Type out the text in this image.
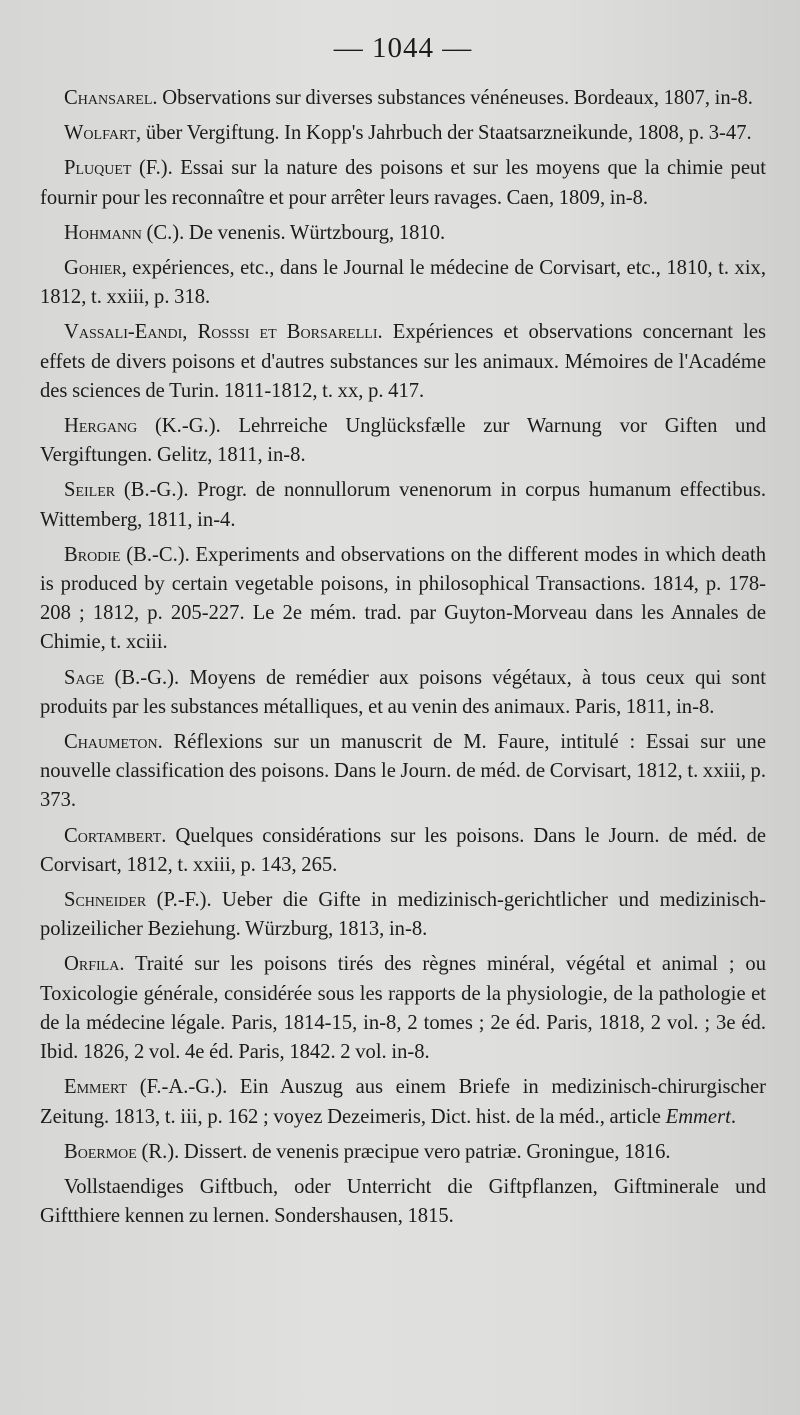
— 1044 —

Chansarel. Observations sur diverses substances vénéneuses. Bordeaux, 1807, in-8.

Wolfart, über Vergiftung. In Kopp's Jahrbuch der Staatsarzneikunde, 1808, p. 3-47.

Pluquet (F.). Essai sur la nature des poisons et sur les moyens que la chimie peut fournir pour les reconnaître et pour arrêter leurs ravages. Caen, 1809, in-8.

Hohmann (C.). De venenis. Würtzbourg, 1810.

Gohier, expériences, etc., dans le Journal le médecine de Corvisart, etc., 1810, t. xix, 1812, t. xxiii, p. 318.

Vassali-Eandi, Rosssi et Borsarelli. Expériences et observations concernant les effets de divers poisons et d'autres substances sur les animaux. Mémoires de l'Académe des sciences de Turin. 1811-1812, t. xx, p. 417.

Hergang (K.-G.). Lehrreiche Unglücksfælle zur Warnung vor Giften und Vergiftungen. Gelitz, 1811, in-8.

Seiler (B.-G.). Progr. de nonnullorum venenorum in corpus humanum effectibus. Wittemberg, 1811, in-4.

Brodie (B.-C.). Experiments and observations on the different modes in which death is produced by certain vegetable poisons, in philosophical Transactions. 1814, p. 178-208 ; 1812, p. 205-227. Le 2e mém. trad. par Guyton-Morveau dans les Annales de Chimie, t. xciii.

Sage (B.-G.). Moyens de remédier aux poisons végétaux, à tous ceux qui sont produits par les substances métalliques, et au venin des animaux. Paris, 1811, in-8.

Chaumeton. Réflexions sur un manuscrit de M. Faure, intitulé : Essai sur une nouvelle classification des poisons. Dans le Journ. de méd. de Corvisart, 1812, t. xxiii, p. 373.

Cortambert. Quelques considérations sur les poisons. Dans le Journ. de méd. de Corvisart, 1812, t. xxiii, p. 143, 265.

Schneider (P.-F.). Ueber die Gifte in medizinisch-gerichtlicher und medizinisch-polizeilicher Beziehung. Würzburg, 1813, in-8.

Orfila. Traité sur les poisons tirés des règnes minéral, végétal et animal ; ou Toxicologie générale, considérée sous les rapports de la physiologie, de la pathologie et de la médecine légale. Paris, 1814-15, in-8, 2 tomes ; 2e éd. Paris, 1818, 2 vol. ; 3e éd. Ibid. 1826, 2 vol. 4e éd. Paris, 1842. 2 vol. in-8.

Emmert (F.-A.-G.). Ein Auszug aus einem Briefe in medizinisch-chirurgischer Zeitung. 1813, t. iii, p. 162 ; voyez Dezeimeris, Dict. hist. de la méd., article Emmert.

Boermoe (R.). Dissert. de venenis præcipue vero patriæ. Groningue, 1816.

Vollstaendiges Giftbuch, oder Unterricht die Giftpflanzen, Giftminerale und Giftthiere kennen zu lernen. Sondershausen, 1815.
